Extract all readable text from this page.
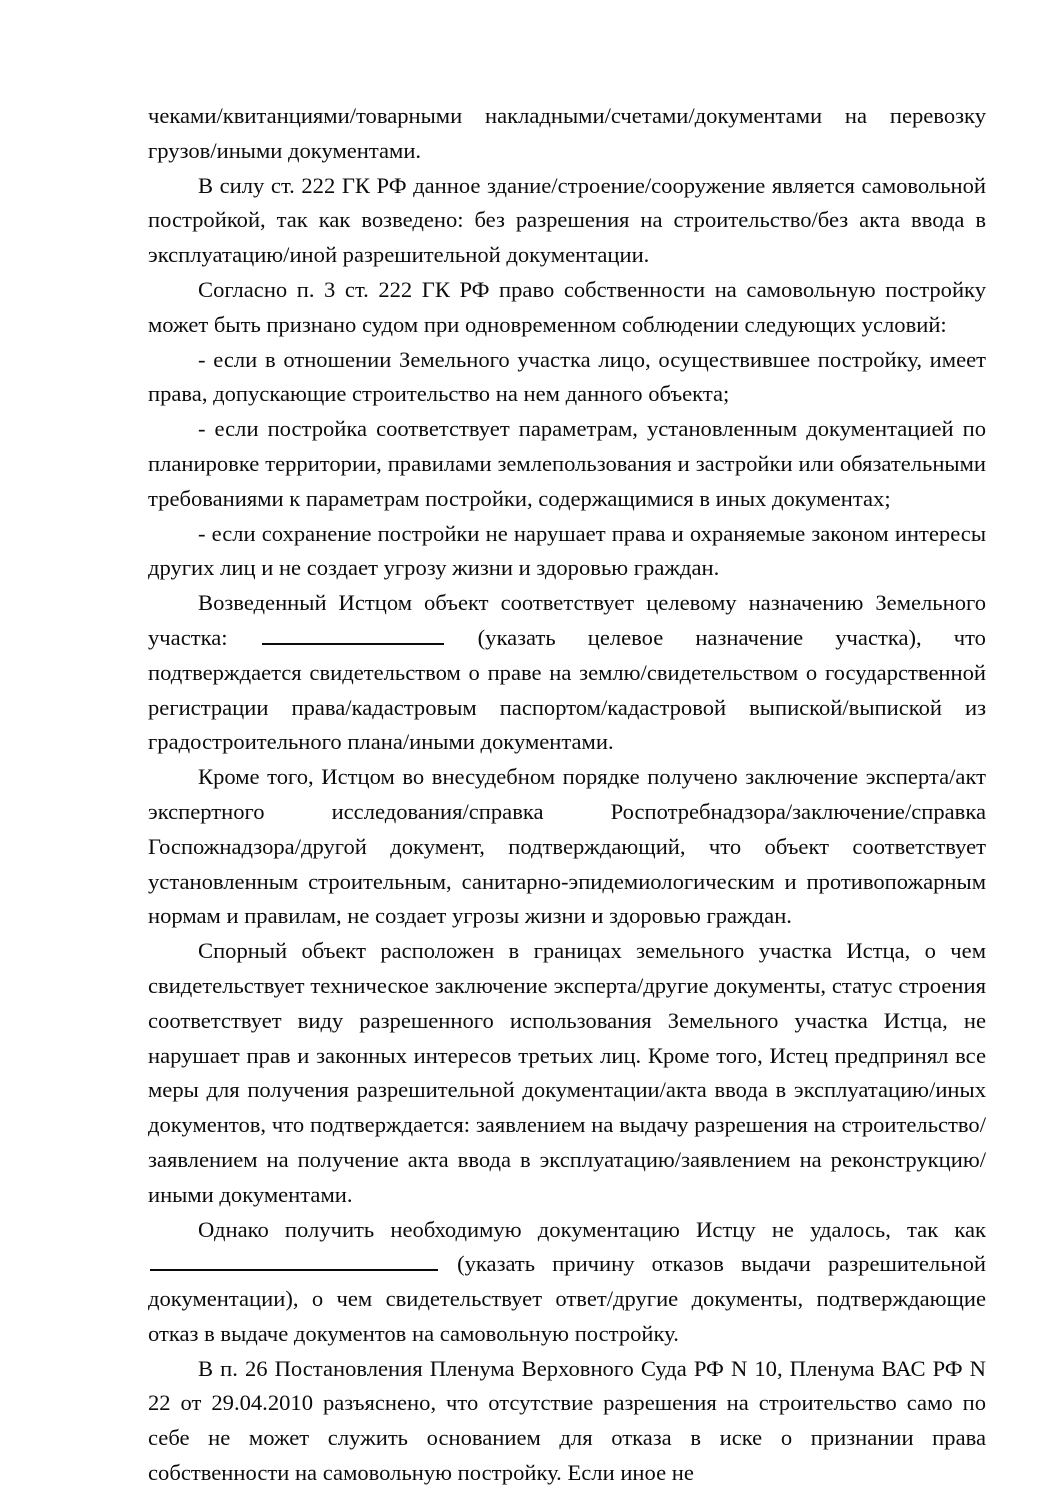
чеками/квитанциями/товарными накладными/счетами/документами на перевозку грузов/иными документами.

В силу ст. 222 ГК РФ данное здание/строение/сооружение является самовольной постройкой, так как возведено: без разрешения на строительство/без акта ввода в эксплуатацию/иной разрешительной документации.

Согласно п. 3 ст. 222 ГК РФ право собственности на самовольную постройку может быть признано судом при одновременном соблюдении следующих условий:

- если в отношении Земельного участка лицо, осуществившее постройку, имеет права, допускающие строительство на нем данного объекта;

- если постройка соответствует параметрам, установленным документацией по планировке территории, правилами землепользования и застройки или обязательными требованиями к параметрам постройки, содержащимися в иных документах;

- если сохранение постройки не нарушает права и охраняемые законом интересы других лиц и не создает угрозу жизни и здоровью граждан.

Возведенный Истцом объект соответствует целевому назначению Земельного участка:	(указать целевое назначение участка), что подтверждается свидетельством о праве на землю/свидетельством о государственной регистрации права/кадастровым паспортом/кадастровой выпиской/выпиской из градостроительного плана/иными документами.

Кроме того, Истцом во внесудебном порядке получено заключение эксперта/акт экспертного исследования/справка Роспотребнадзора/заключение/справка Госпожнадзора/другой документ, подтверждающий, что объект соответствует установленным строительным, санитарно-эпидемиологическим и противопожарным нормам и правилам, не создает угрозы жизни и здоровью граждан.

Спорный объект расположен в границах земельного участка Истца, о чем свидетельствует техническое заключение эксперта/другие документы, статус строения соответствует виду разрешенного использования Земельного участка Истца, не нарушает прав и законных интересов третьих лиц. Кроме того, Истец предпринял все меры для получения разрешительной документации/акта ввода в эксплуатацию/иных документов, что подтверждается: заявлением на выдачу разрешения на строительство/заявлением на получение акта ввода в эксплуатацию/заявлением на реконструкцию/иными документами.

Однако получить необходимую документацию Истцу не удалось, так как  (указать причину отказов выдачи разрешительной документации), о чем свидетельствует ответ/другие документы, подтверждающие отказ в выдаче документов на самовольную постройку.

В п. 26 Постановления Пленума Верховного Суда РФ N 10, Пленума ВАС РФ N 22 от 29.04.2010 разъяснено, что отсутствие разрешения на строительство само по себе не может служить основанием для отказа в иске о признании права собственности на самовольную постройку. Если иное не
